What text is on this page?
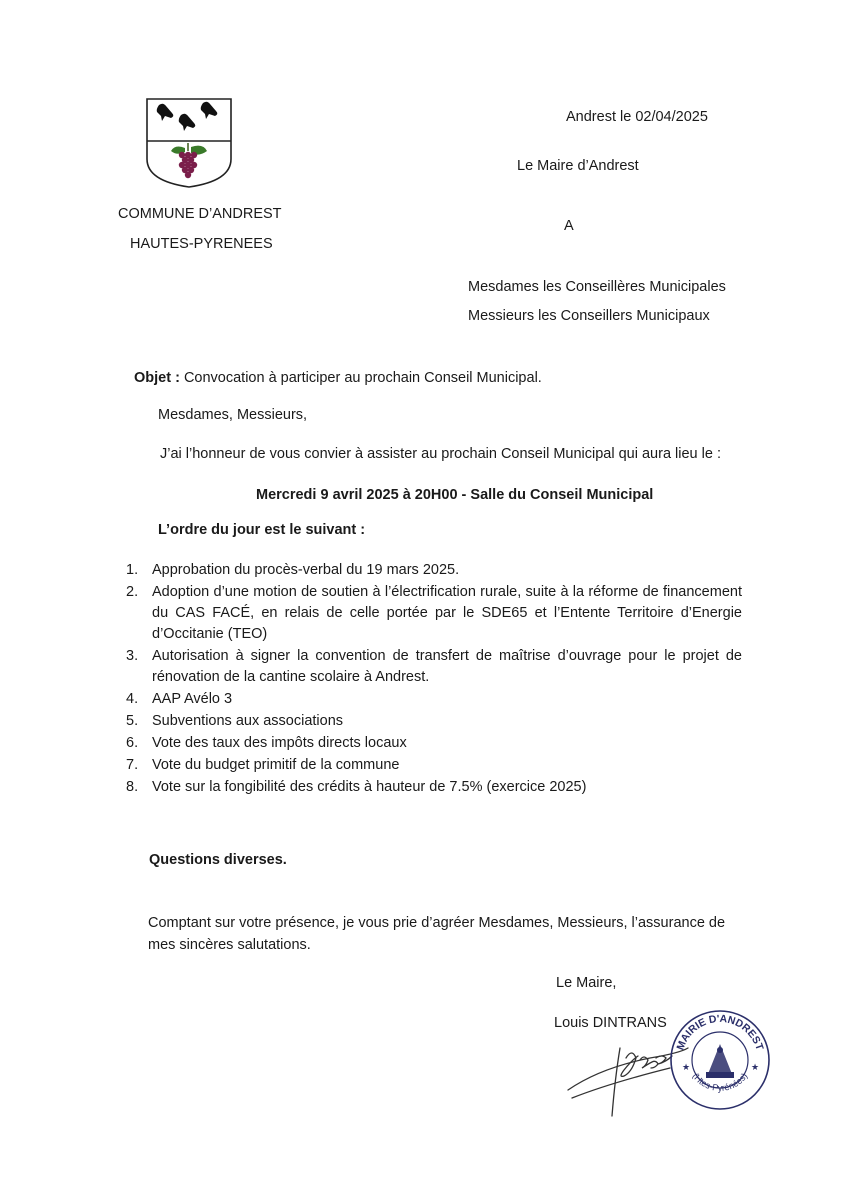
COMMUNE D’ANDREST
HAUTES-PYRENEES
Andrest le 02/04/2025
Le Maire d’Andrest
A
Mesdames les Conseillères Municipales
Messieurs les Conseillers Municipaux
Objet : Convocation à participer au prochain Conseil Municipal.
Mesdames, Messieurs,
J’ai l’honneur de vous convier à assister au prochain Conseil Municipal qui aura lieu le :
Mercredi 9 avril 2025 à 20H00 - Salle du Conseil Municipal
L’ordre du jour est le suivant :
1. Approbation du procès-verbal du 19 mars 2025.
2. Adoption d’une motion de soutien à l’électrification rurale, suite à la réforme de financement du CAS FACÉ, en relais de celle portée par le SDE65 et l’Entente Territoire d’Energie d’Occitanie (TEO)
3. Autorisation à signer la convention de transfert de maîtrise d’ouvrage pour le projet de rénovation de la cantine scolaire à Andrest.
4. AAP Avélo 3
5. Subventions aux associations
6. Vote des taux des impôts directs locaux
7. Vote du budget primitif de la commune
8. Vote sur la fongibilité des crédits à hauteur de 7.5% (exercice 2025)
Questions diverses.
Comptant sur votre présence, je vous prie d’agréer Mesdames, Messieurs, l’assurance de mes sincères salutations.
Le Maire,
Louis DINTRANS
MAIRIE D'ANDREST
(Htes-Pyrénées)
★	★
